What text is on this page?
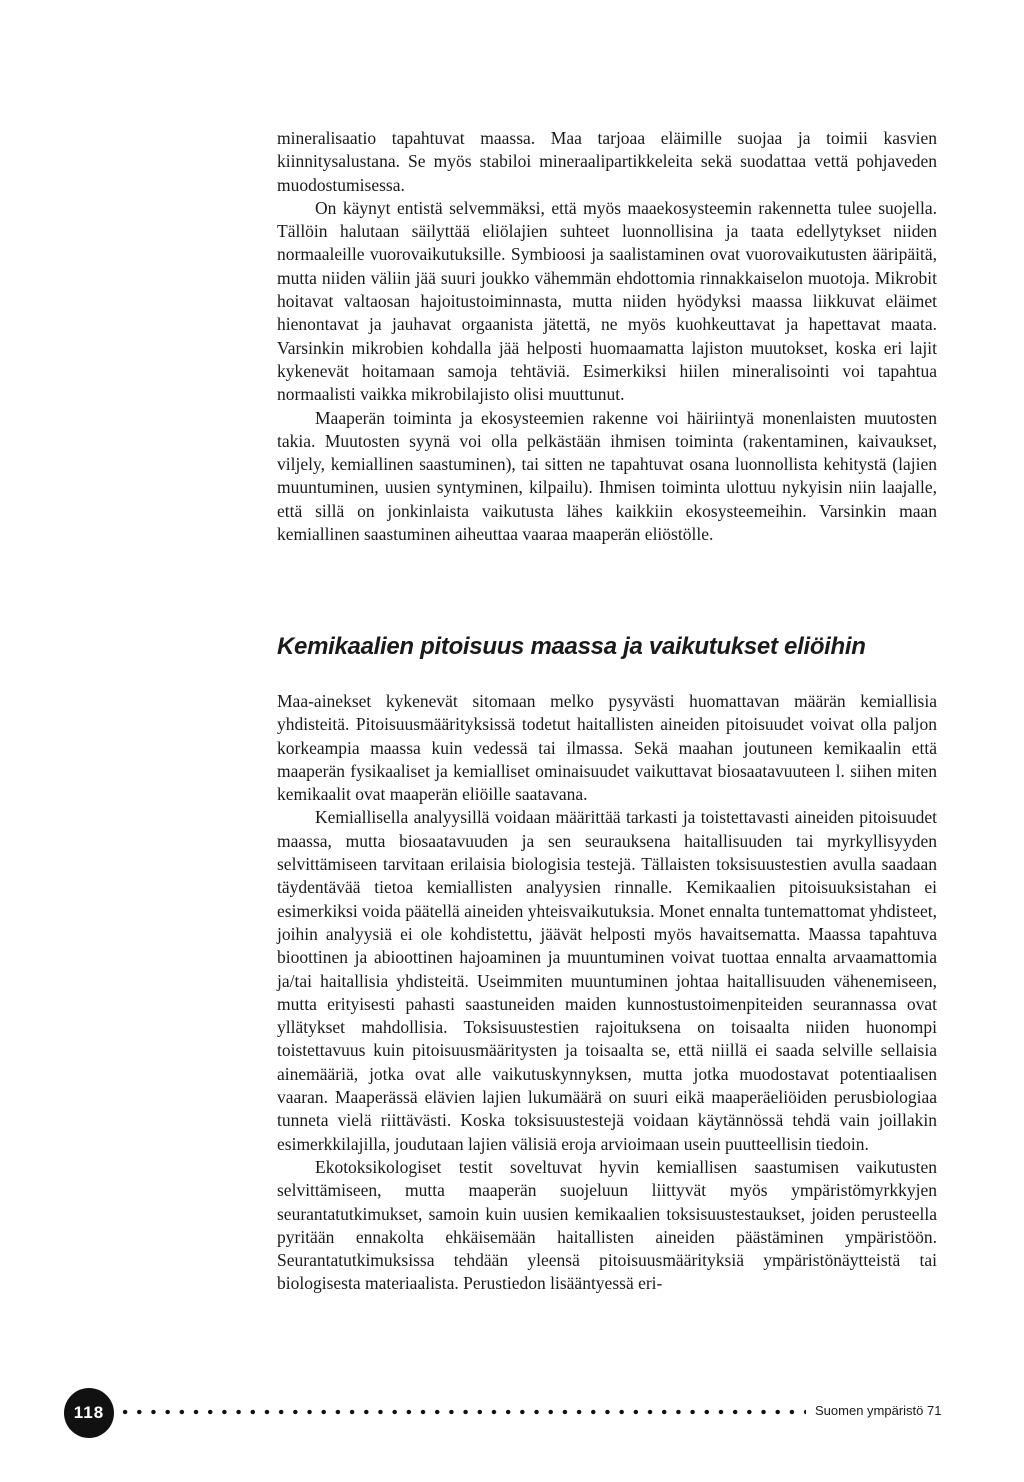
mineralisaatio tapahtuvat maassa. Maa tarjoaa eläimille suojaa ja toimii kasvien kiinnitysalustana. Se myös stabiloi mineraalipartikkeleita sekä suodattaa vettä pohjaveden muodostumisessa.

On käynyt entistä selvemmäksi, että myös maaekosysteemin rakennetta tulee suojella. Tällöin halutaan säilyttää eliölajien suhteet luonnollisina ja taata edellytykset niiden normaaleille vuorovaikutuksille. Symbioosi ja saalistaminen ovat vuorovaikutusten ääripäitä, mutta niiden väliin jää suuri joukko vähemmän ehdottomia rinnakkaiselon muotoja. Mikrobit hoitavat valtaosan hajoitustoiminnasta, mutta niiden hyödyksi maassa liikkuvat eläimet hienontavat ja jauhavat orgaanista jätettä, ne myös kuohkeuttavat ja hapettavat maata. Varsinkin mikrobien kohdalla jää helposti huomaamatta lajiston muutokset, koska eri lajit kykenevät hoitamaan samoja tehtäviä. Esimerkiksi hiilen mineralisointi voi tapahtua normaalisti vaikka mikrobilajisto olisi muuttunut.

Maaperän toiminta ja ekosysteemien rakenne voi häiriintyä monenlaisten muutosten takia. Muutosten syynä voi olla pelkästään ihmisen toiminta (rakentaminen, kaivaukset, viljely, kemiallinen saastuminen), tai sitten ne tapahtuvat osana luonnollista kehitystä (lajien muuntuminen, uusien syntyminen, kilpailu). Ihmisen toiminta ulottuu nykyisin niin laajalle, että sillä on jonkinlaista vaikutusta lähes kaikkiin ekosysteemeihin. Varsinkin maan kemiallinen saastuminen aiheuttaa vaaraa maaperän eliöstölle.

Kemikaalien pitoisuus maassa ja vaikutukset eliöihin

Maa-ainekset kykenevät sitomaan melko pysyvästi huomattavan määrän kemiallisia yhdisteitä. Pitoisuusmäärityksissä todetut haitallisten aineiden pitoisuudet voivat olla paljon korkeampia maassa kuin vedessä tai ilmassa. Sekä maahan joutuneen kemikaalin että maaperän fysikaaliset ja kemialliset ominaisuudet vaikuttavat biosaatavuuteen l. siihen miten kemikaalit ovat maaperän eliöille saatavana.

Kemiallisella analyysillä voidaan määrittää tarkasti ja toistettavasti aineiden pitoisuudet maassa, mutta biosaatavuuden ja sen seurauksena haitallisuuden tai myrkyllisyyden selvittämiseen tarvitaan erilaisia biologisia testejä. Tällaisten toksisuustestien avulla saadaan täydentävää tietoa kemiallisten analyysien rinnalle. Kemikaalien pitoisuuksistahan ei esimerkiksi voida päätellä aineiden yhteisvaikutuksia. Monet ennalta tuntemattomat yhdisteet, joihin analyysiä ei ole kohdistettu, jäävät helposti myös havaitsematta. Maassa tapahtuva bioottinen ja abioottinen hajoaminen ja muuntuminen voivat tuottaa ennalta arvaamattomia ja/tai haitallisia yhdisteitä. Useimmiten muuntuminen johtaa haitallisuuden vähenemiseen, mutta erityisesti pahasti saastuneiden maiden kunnostustoimenpiteiden seurannassa ovat yllätykset mahdollisia. Toksisuustestien rajoituksena on toisaalta niiden huonompi toistettavuus kuin pitoisuusmääritysten ja toisaalta se, että niillä ei saada selville sellaisia ainemääriä, jotka ovat alle vaikutuskynnyksen, mutta jotka muodostavat potentiaalisen vaaran. Maaperässä elävien lajien lukumäärä on suuri eikä maaperäeliöiden perusbiologiaa tunneta vielä riittävästi. Koska toksisuustestejä voidaan käytännössä tehdä vain joillakin esimerkkilajilla, joudutaan lajien välisiä eroja arvioimaan usein puutteellisin tiedoin.

Ekotoksikologiset testit soveltuvat hyvin kemiallisen saastumisen vaikutusten selvittämiseen, mutta maaperän suojeluun liittyvät myös ympäristömyrkkyjen seurantatutkimukset, samoin kuin uusien kemikaalien toksisuustestaukset, joiden perusteella pyritään ennakolta ehkäisemään haitallisten aineiden päästäminen ympäristöön. Seurantatutkimuksissa tehdään yleensä pitoisuusmäärityksiä ympäristönäytteistä tai biologisesta materiaalista. Perustiedon lisääntyessä eri-

118	Suomen ympäristö 71
